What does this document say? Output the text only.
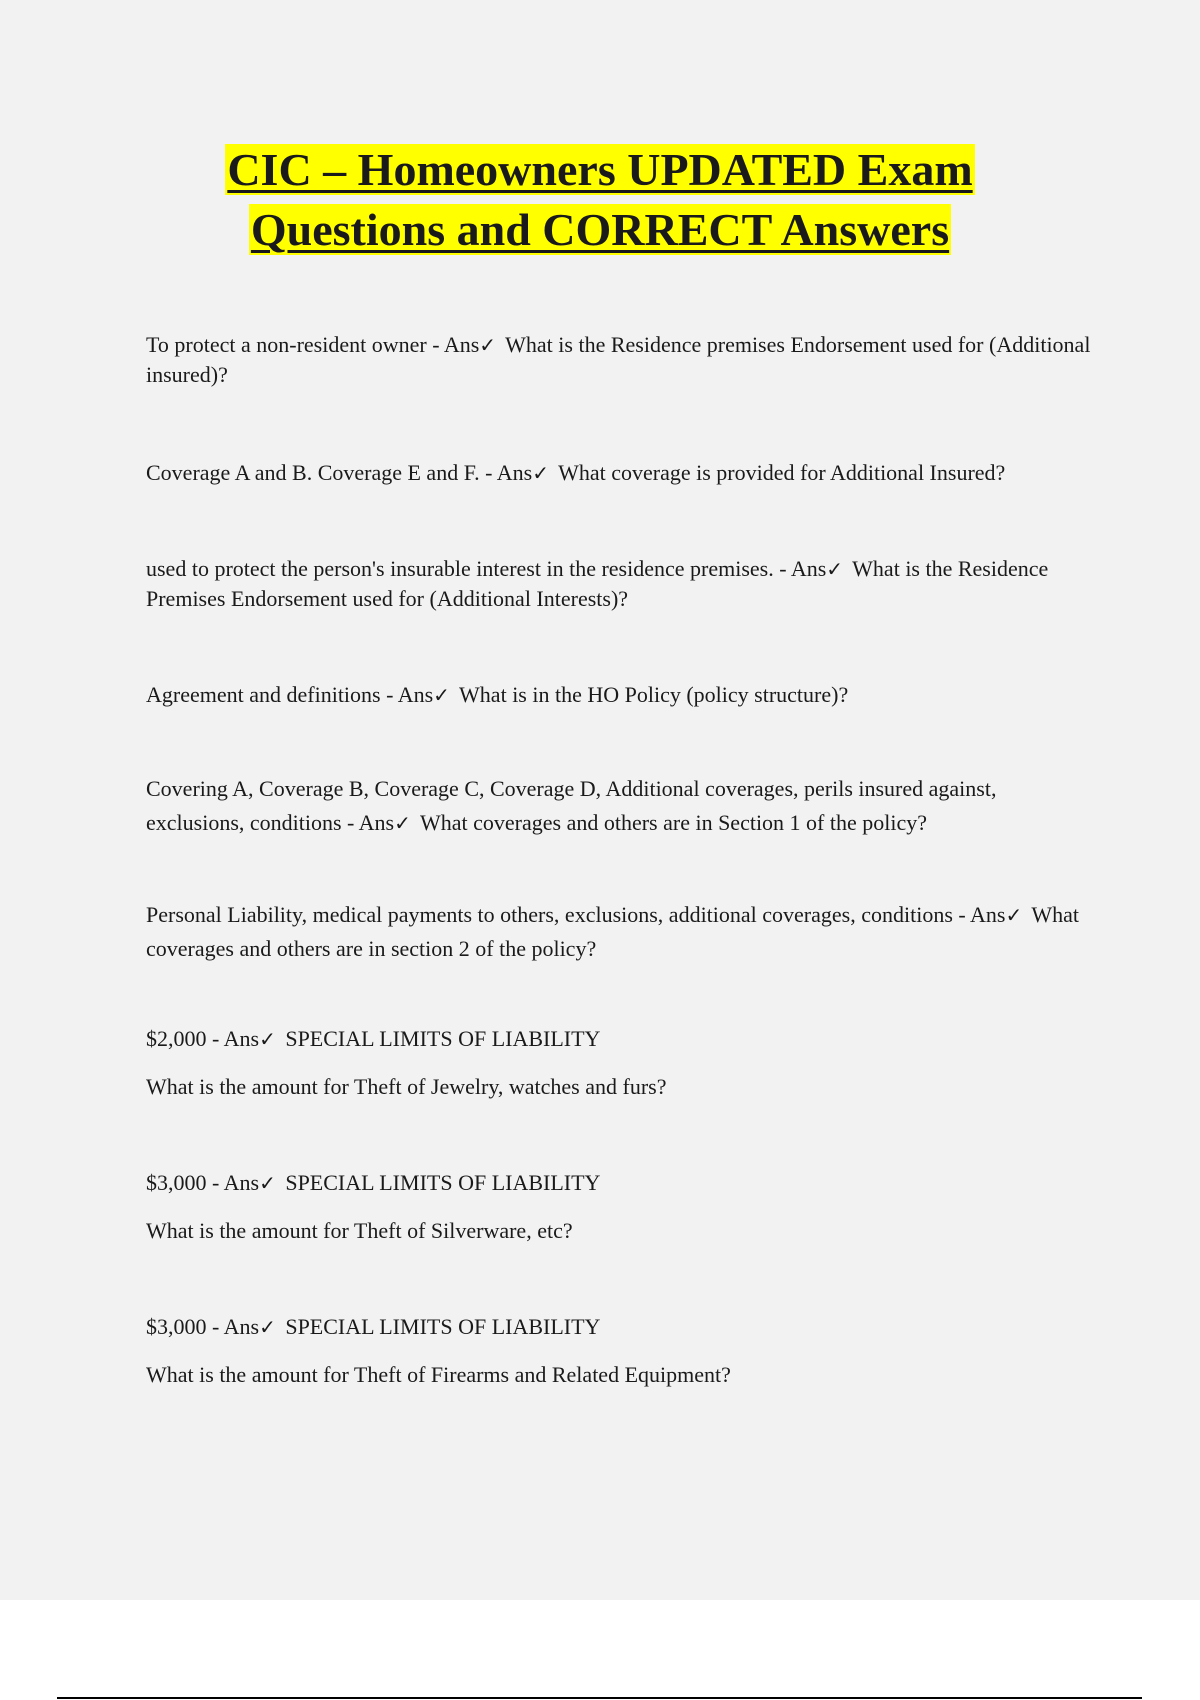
CIC – Homeowners UPDATED Exam
Questions and CORRECT Answers

To protect a non-resident owner - Ans✓ What is the Residence premises Endorsement used for (Additional insured)?

Coverage A and B. Coverage E and F. - Ans✓ What coverage is provided for Additional Insured?

used to protect the person's insurable interest in the residence premises. - Ans✓ What is the Residence Premises Endorsement used for (Additional Interests)?

Agreement and definitions - Ans✓ What is in the HO Policy (policy structure)?

Covering A, Coverage B, Coverage C, Coverage D, Additional coverages, perils insured against, exclusions, conditions - Ans✓ What coverages and others are in Section 1 of the policy?

Personal Liability, medical payments to others, exclusions, additional coverages, conditions - Ans✓ What coverages and others are in section 2 of the policy?

$2,000 - Ans✓ SPECIAL LIMITS OF LIABILITY

What is the amount for Theft of Jewelry, watches and furs?

$3,000 - Ans✓ SPECIAL LIMITS OF LIABILITY

What is the amount for Theft of Silverware, etc?

$3,000 - Ans✓ SPECIAL LIMITS OF LIABILITY

What is the amount for Theft of Firearms and Related Equipment?
